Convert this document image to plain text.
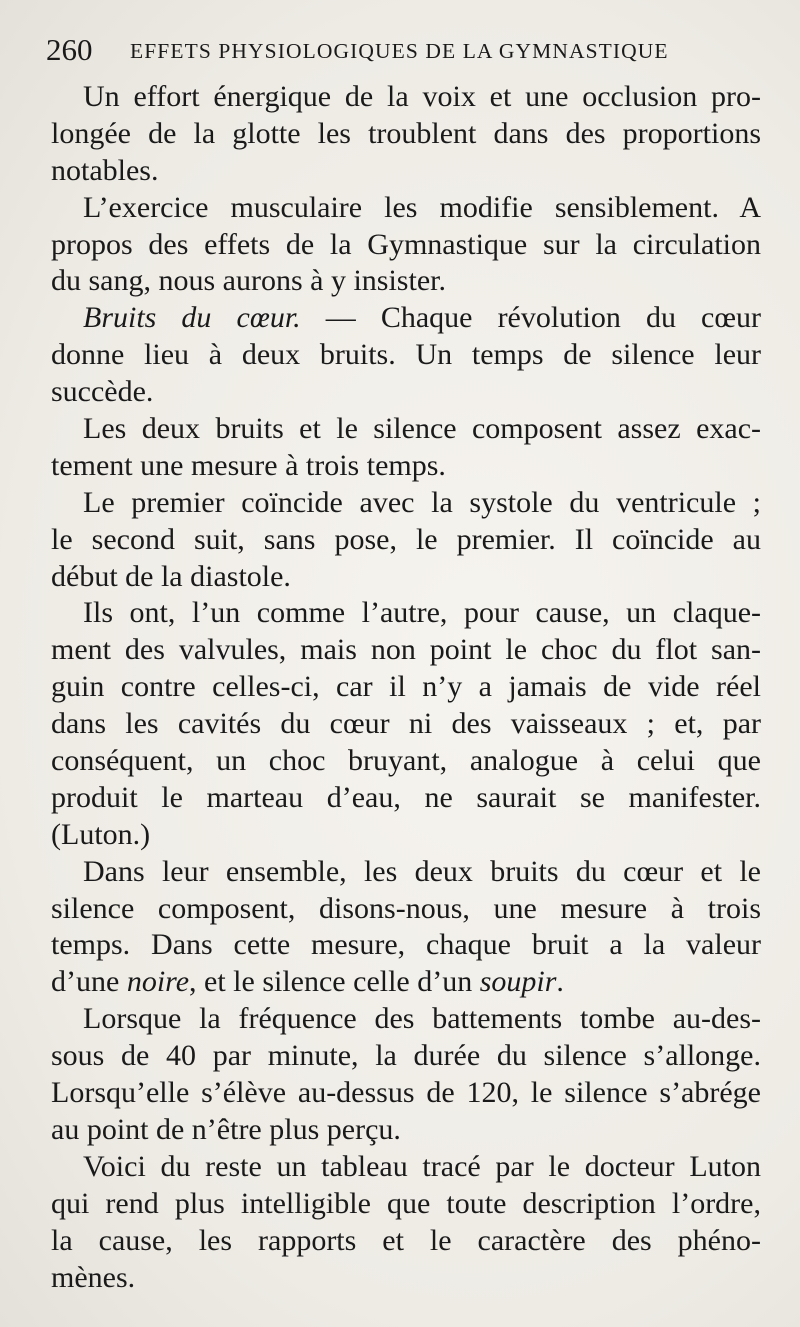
260 EFFETS PHYSIOLOGIQUES DE LA GYMNASTIQUE
Un effort énergique de la voix et une occlusion pro-
longée de la glotte les troublent dans des proportions
notables.
L’exercice musculaire les modifie sensiblement. A
propos des effets de la Gymnastique sur la circulation
du sang, nous aurons à y insister.
Bruits du cœur. — Chaque révolution du cœur
donne lieu à deux bruits. Un temps de silence leur
succède.
Les deux bruits et le silence composent assez exac-
tement une mesure à trois temps.
Le premier coïncide avec la systole du ventricule ;
le second suit, sans pose, le premier. Il coïncide au
début de la diastole.
Ils ont, l’un comme l’autre, pour cause, un claque-
ment des valvules, mais non point le choc du flot san-
guin contre celles-ci, car il n’y a jamais de vide réel
dans les cavités du cœur ni des vaisseaux ; et, par
conséquent, un choc bruyant, analogue à celui que
produit le marteau d’eau, ne saurait se manifester.
(Luton.)
Dans leur ensemble, les deux bruits du cœur et le
silence composent, disons-nous, une mesure à trois
temps. Dans cette mesure, chaque bruit a la valeur
d’une noire, et le silence celle d’un soupir.
Lorsque la fréquence des battements tombe au-des-
sous de 40 par minute, la durée du silence s’allonge.
Lorsqu’elle s’élève au-dessus de 120, le silence s’abrége
au point de n’être plus perçu.
Voici du reste un tableau tracé par le docteur Luton
qui rend plus intelligible que toute description l’ordre,
la cause, les rapports et le caractère des phéno-
mènes.
